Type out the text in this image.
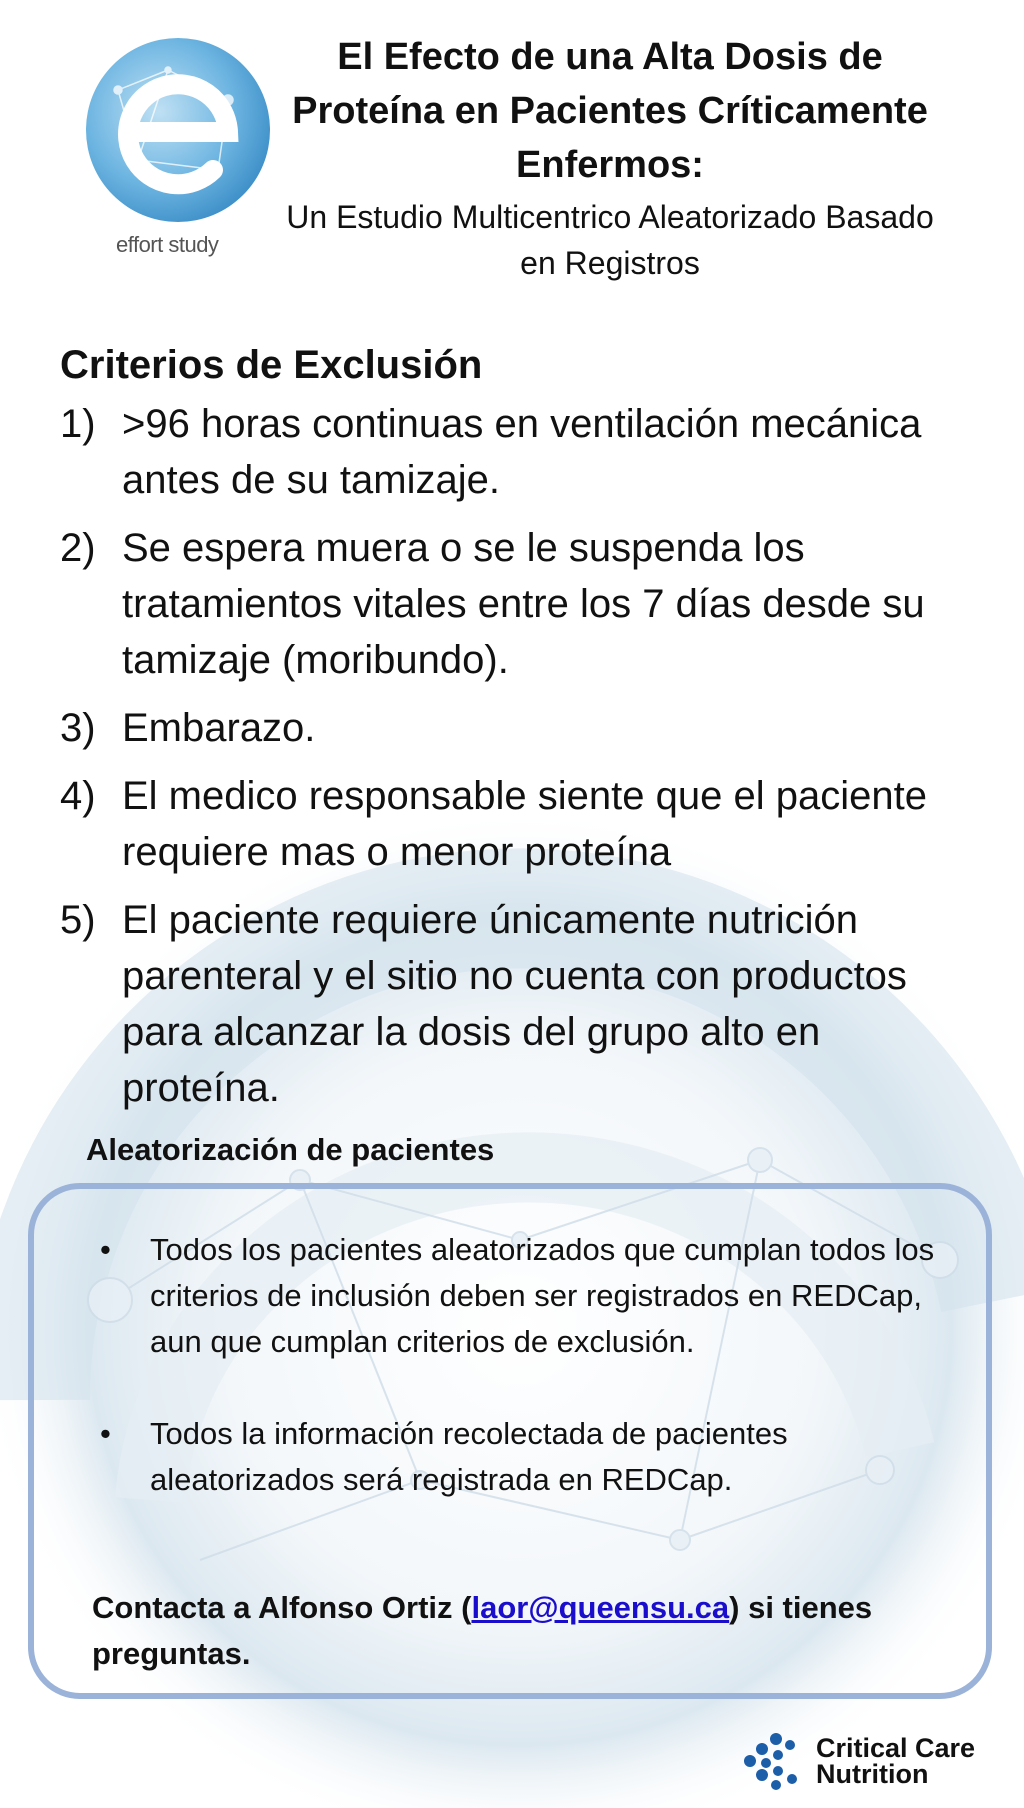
effort study

El Efecto de una Alta Dosis de Proteína en Pacientes Críticamente Enfermos:

Un Estudio Multicentrico Aleatorizado Basado en Registros

Criterios de Exclusión
1) >96 horas continuas en ventilación mecánica antes de su tamizaje.
2) Se espera muera o se le suspenda los tratamientos vitales entre los 7 días desde su tamizaje (moribundo).
3) Embarazo.
4) El medico responsable siente que el paciente requiere mas o menor proteína
5) El paciente requiere únicamente nutrición parenteral y el sitio no cuenta con productos para alcanzar la dosis del grupo alto en proteína.
Aleatorización de pacientes
•	Todos los pacientes aleatorizados que cumplan todos los criterios de inclusión deben ser registrados en REDCap, aun que cumplan criterios de exclusión.
•	Todos la información recolectada de pacientes aleatorizados será registrada en REDCap.
Contacta a Alfonso Ortiz (laor@queensu.ca) si tienes preguntas.
Critical Care
Nutrition
